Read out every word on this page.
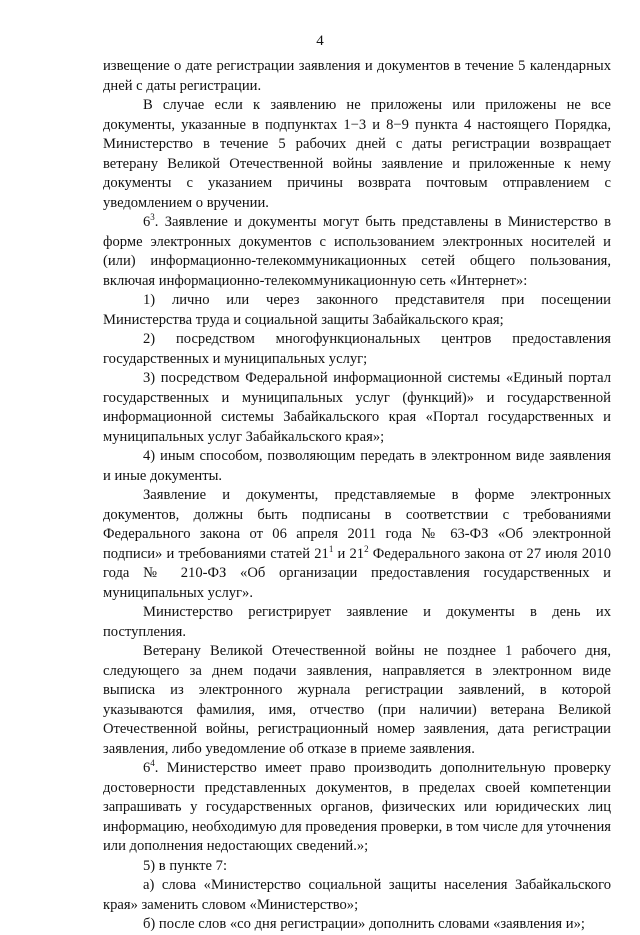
4

извещение о дате регистрации заявления и документов в течение 5 календарных дней с даты регистрации.

В случае если к заявлению не приложены или приложены не все документы, указанные в подпунктах 1−3 и 8−9 пункта 4 настоящего Порядка, Министерство в течение 5 рабочих дней с даты регистрации возвращает ветерану Великой Отечественной войны заявление и приложенные к нему документы с указанием причины возврата почтовым отправлением с уведомлением о вручении.

$6^3$. Заявление и документы могут быть представлены в Министерство в форме электронных документов с использованием электронных носителей и (или) информационно-телекоммуникационных сетей общего пользования, включая информационно-телекоммуникационную сеть «Интернет»:

1) лично или через законного представителя при посещении Министерства труда и социальной защиты Забайкальского края;

2) посредством многофункциональных центров предоставления государственных и муниципальных услуг;

3) посредством Федеральной информационной системы «Единый портал государственных и муниципальных услуг (функций)» и государственной информационной системы Забайкальского края «Портал государственных и муниципальных услуг Забайкальского края»;

4) иным способом, позволяющим передать в электронном виде заявления и иные документы.

Заявление и документы, представляемые в форме электронных документов, должны быть подписаны в соответствии с требованиями Федерального закона от 06 апреля 2011 года № 63-ФЗ «Об электронной подписи» и требованиями статей $21^1$ и $21^2$ Федерального закона от 27 июля 2010 года № 210-ФЗ «Об организации предоставления государственных и муниципальных услуг».

Министерство регистрирует заявление и документы в день их поступления.

Ветерану Великой Отечественной войны не позднее 1 рабочего дня, следующего за днем подачи заявления, направляется в электронном виде выписка из электронного журнала регистрации заявлений, в которой указываются фамилия, имя, отчество (при наличии) ветерана Великой Отечественной войны, регистрационный номер заявления, дата регистрации заявления, либо уведомление об отказе в приеме заявления.

$6^4$. Министерство имеет право производить дополнительную проверку достоверности представленных документов, в пределах своей компетенции запрашивать у государственных органов, физических или юридических лиц информацию, необходимую для проведения проверки, в том числе для уточнения или дополнения недостающих сведений.»;

5) в пункте 7:

а) слова «Министерство социальной защиты населения Забайкальского края» заменить словом «Министерство»;

б) после слов «со дня регистрации» дополнить словами «заявления и»;
